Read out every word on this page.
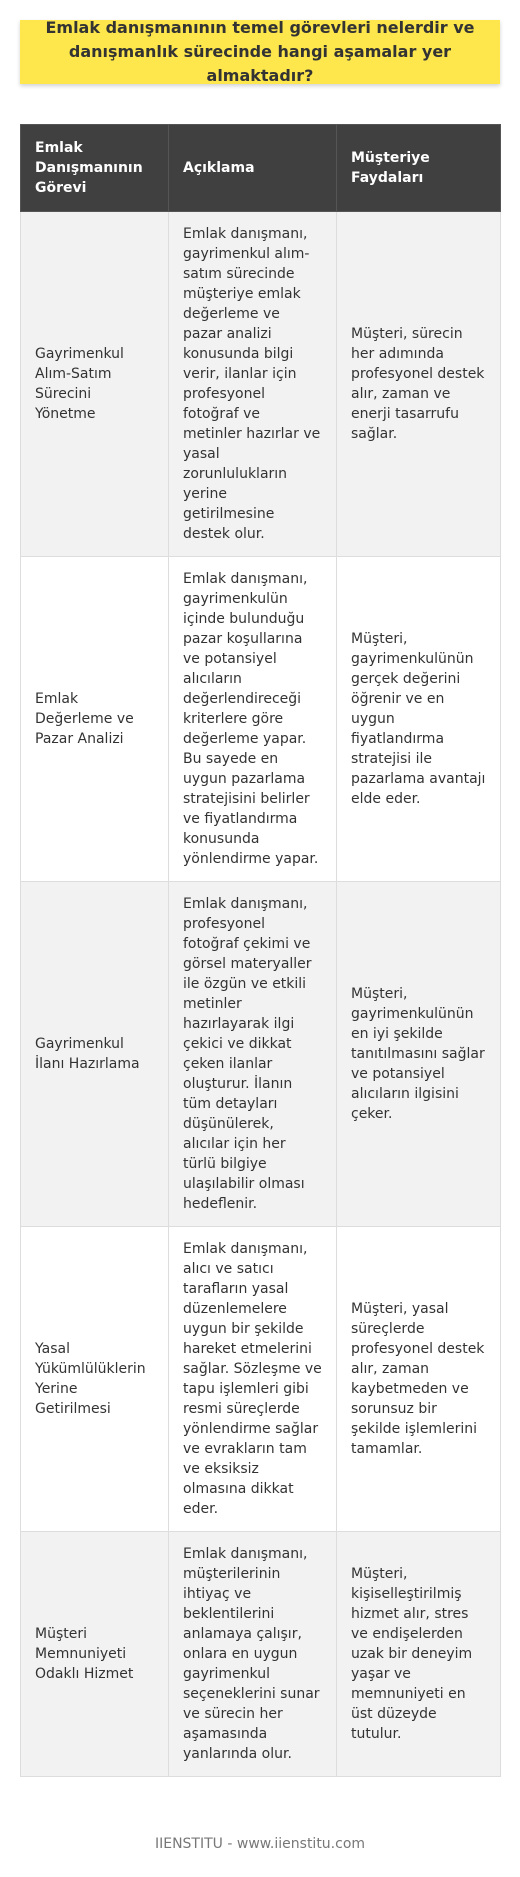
Emlak danışmanının temel görevleri nelerdir ve danışmanlık sürecinde hangi aşamalar yer almaktadır?
Emlak Danışmanının Görevi	Açıklama	Müşteriye Faydaları
Gayrimenkul Alım-Satım Sürecini Yönetme	Emlak danışmanı, gayrimenkul alım-satım sürecinde müşteriye emlak değerleme ve pazar analizi konusunda bilgi verir, ilanlar için profesyonel fotoğraf ve metinler hazırlar ve yasal zorunlulukların yerine getirilmesine destek olur.	Müşteri, sürecin her adımında profesyonel destek alır, zaman ve enerji tasarrufu sağlar.
Emlak Değerleme ve Pazar Analizi	Emlak danışmanı, gayrimenkulün içinde bulunduğu pazar koşullarına ve potansiyel alıcıların değerlendireceği kriterlere göre değerleme yapar. Bu sayede en uygun pazarlama stratejisini belirler ve fiyatlandırma konusunda yönlendirme yapar.	Müşteri, gayrimenkulünün gerçek değerini öğrenir ve en uygun fiyatlandırma stratejisi ile pazarlama avantajı elde eder.
Gayrimenkul İlanı Hazırlama	Emlak danışmanı, profesyonel fotoğraf çekimi ve görsel materyaller ile özgün ve etkili metinler hazırlayarak ilgi çekici ve dikkat çeken ilanlar oluşturur. İlanın tüm detayları düşünülerek, alıcılar için her türlü bilgiye ulaşılabilir olması hedeflenir.	Müşteri, gayrimenkulünün en iyi şekilde tanıtılmasını sağlar ve potansiyel alıcıların ilgisini çeker.
Yasal Yükümlülüklerin Yerine Getirilmesi	Emlak danışmanı, alıcı ve satıcı tarafların yasal düzenlemelere uygun bir şekilde hareket etmelerini sağlar. Sözleşme ve tapu işlemleri gibi resmi süreçlerde yönlendirme sağlar ve evrakların tam ve eksiksiz olmasına dikkat eder.	Müşteri, yasal süreçlerde profesyonel destek alır, zaman kaybetmeden ve sorunsuz bir şekilde işlemlerini tamamlar.
Müşteri Memnuniyeti Odaklı Hizmet	Emlak danışmanı, müşterilerinin ihtiyaç ve beklentilerini anlamaya çalışır, onlara en uygun gayrimenkul seçeneklerini sunar ve sürecin her aşamasında yanlarında olur.	Müşteri, kişiselleştirilmiş hizmet alır, stres ve endişelerden uzak bir deneyim yaşar ve memnuniyeti en üst düzeyde tutulur.
IIENSTITU - www.iienstitu.com
